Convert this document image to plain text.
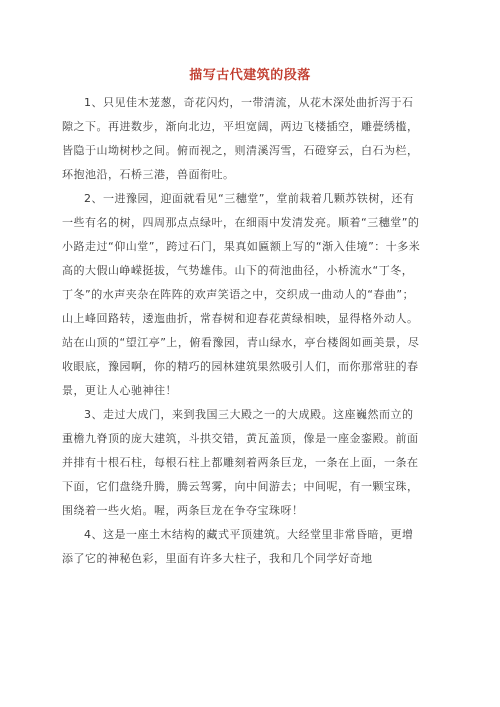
描写古代建筑的段落

1、只见佳木茏葱，奇花闪灼，一带清流，从花木深处曲折泻于石隙之下。再进数步，渐向北边，平坦宽阔，两边飞楼插空，雕甍绣槛，皆隐于山坳树杪之间。俯而视之，则清溪泻雪，石磴穿云，白石为栏，环抱池沿，石桥三港，兽面衔吐。

2、一进豫园，迎面就看见“三穗堂”，堂前栽着几颗苏铁树，还有一些有名的树，四周那点点绿叶，在细雨中发清发亮。顺着“三穗堂”的小路走过“仰山堂”，跨过石门，果真如匾额上写的“渐入佳境”：十多米高的大假山峥嵘挺拔，气势雄伟。山下的荷池曲径，小桥流水“丁冬，丁冬”的水声夹杂在阵阵的欢声笑语之中，交织成一曲动人的“春曲”；山上峰回路转，逶迤曲折，常春树和迎春花黄绿相映，显得格外动人。站在山顶的“望江亭”上，俯看豫园，青山绿水，亭台楼阁如画美景，尽收眼底，豫园啊，你的精巧的园林建筑果然吸引人们，而你那常驻的春景，更让人心驰神往！

3、走过大成门，来到我国三大殿之一的大成殿。这座巍然而立的重檐九脊顶的庞大建筑，斗拱交错，黄瓦盖顶，像是一座金銮殿。前面并排有十根石柱，每根石柱上都雕刻着两条巨龙，一条在上面，一条在下面，它们盘绕升腾，腾云驾雾，向中间游去；中间呢，有一颗宝珠，围绕着一些火焰。喔，两条巨龙在争夺宝珠呀！

4、这是一座土木结构的藏式平顶建筑。大经堂里非常昏暗，更增添了它的神秘色彩，里面有许多大柱子，我和几个同学好奇地
